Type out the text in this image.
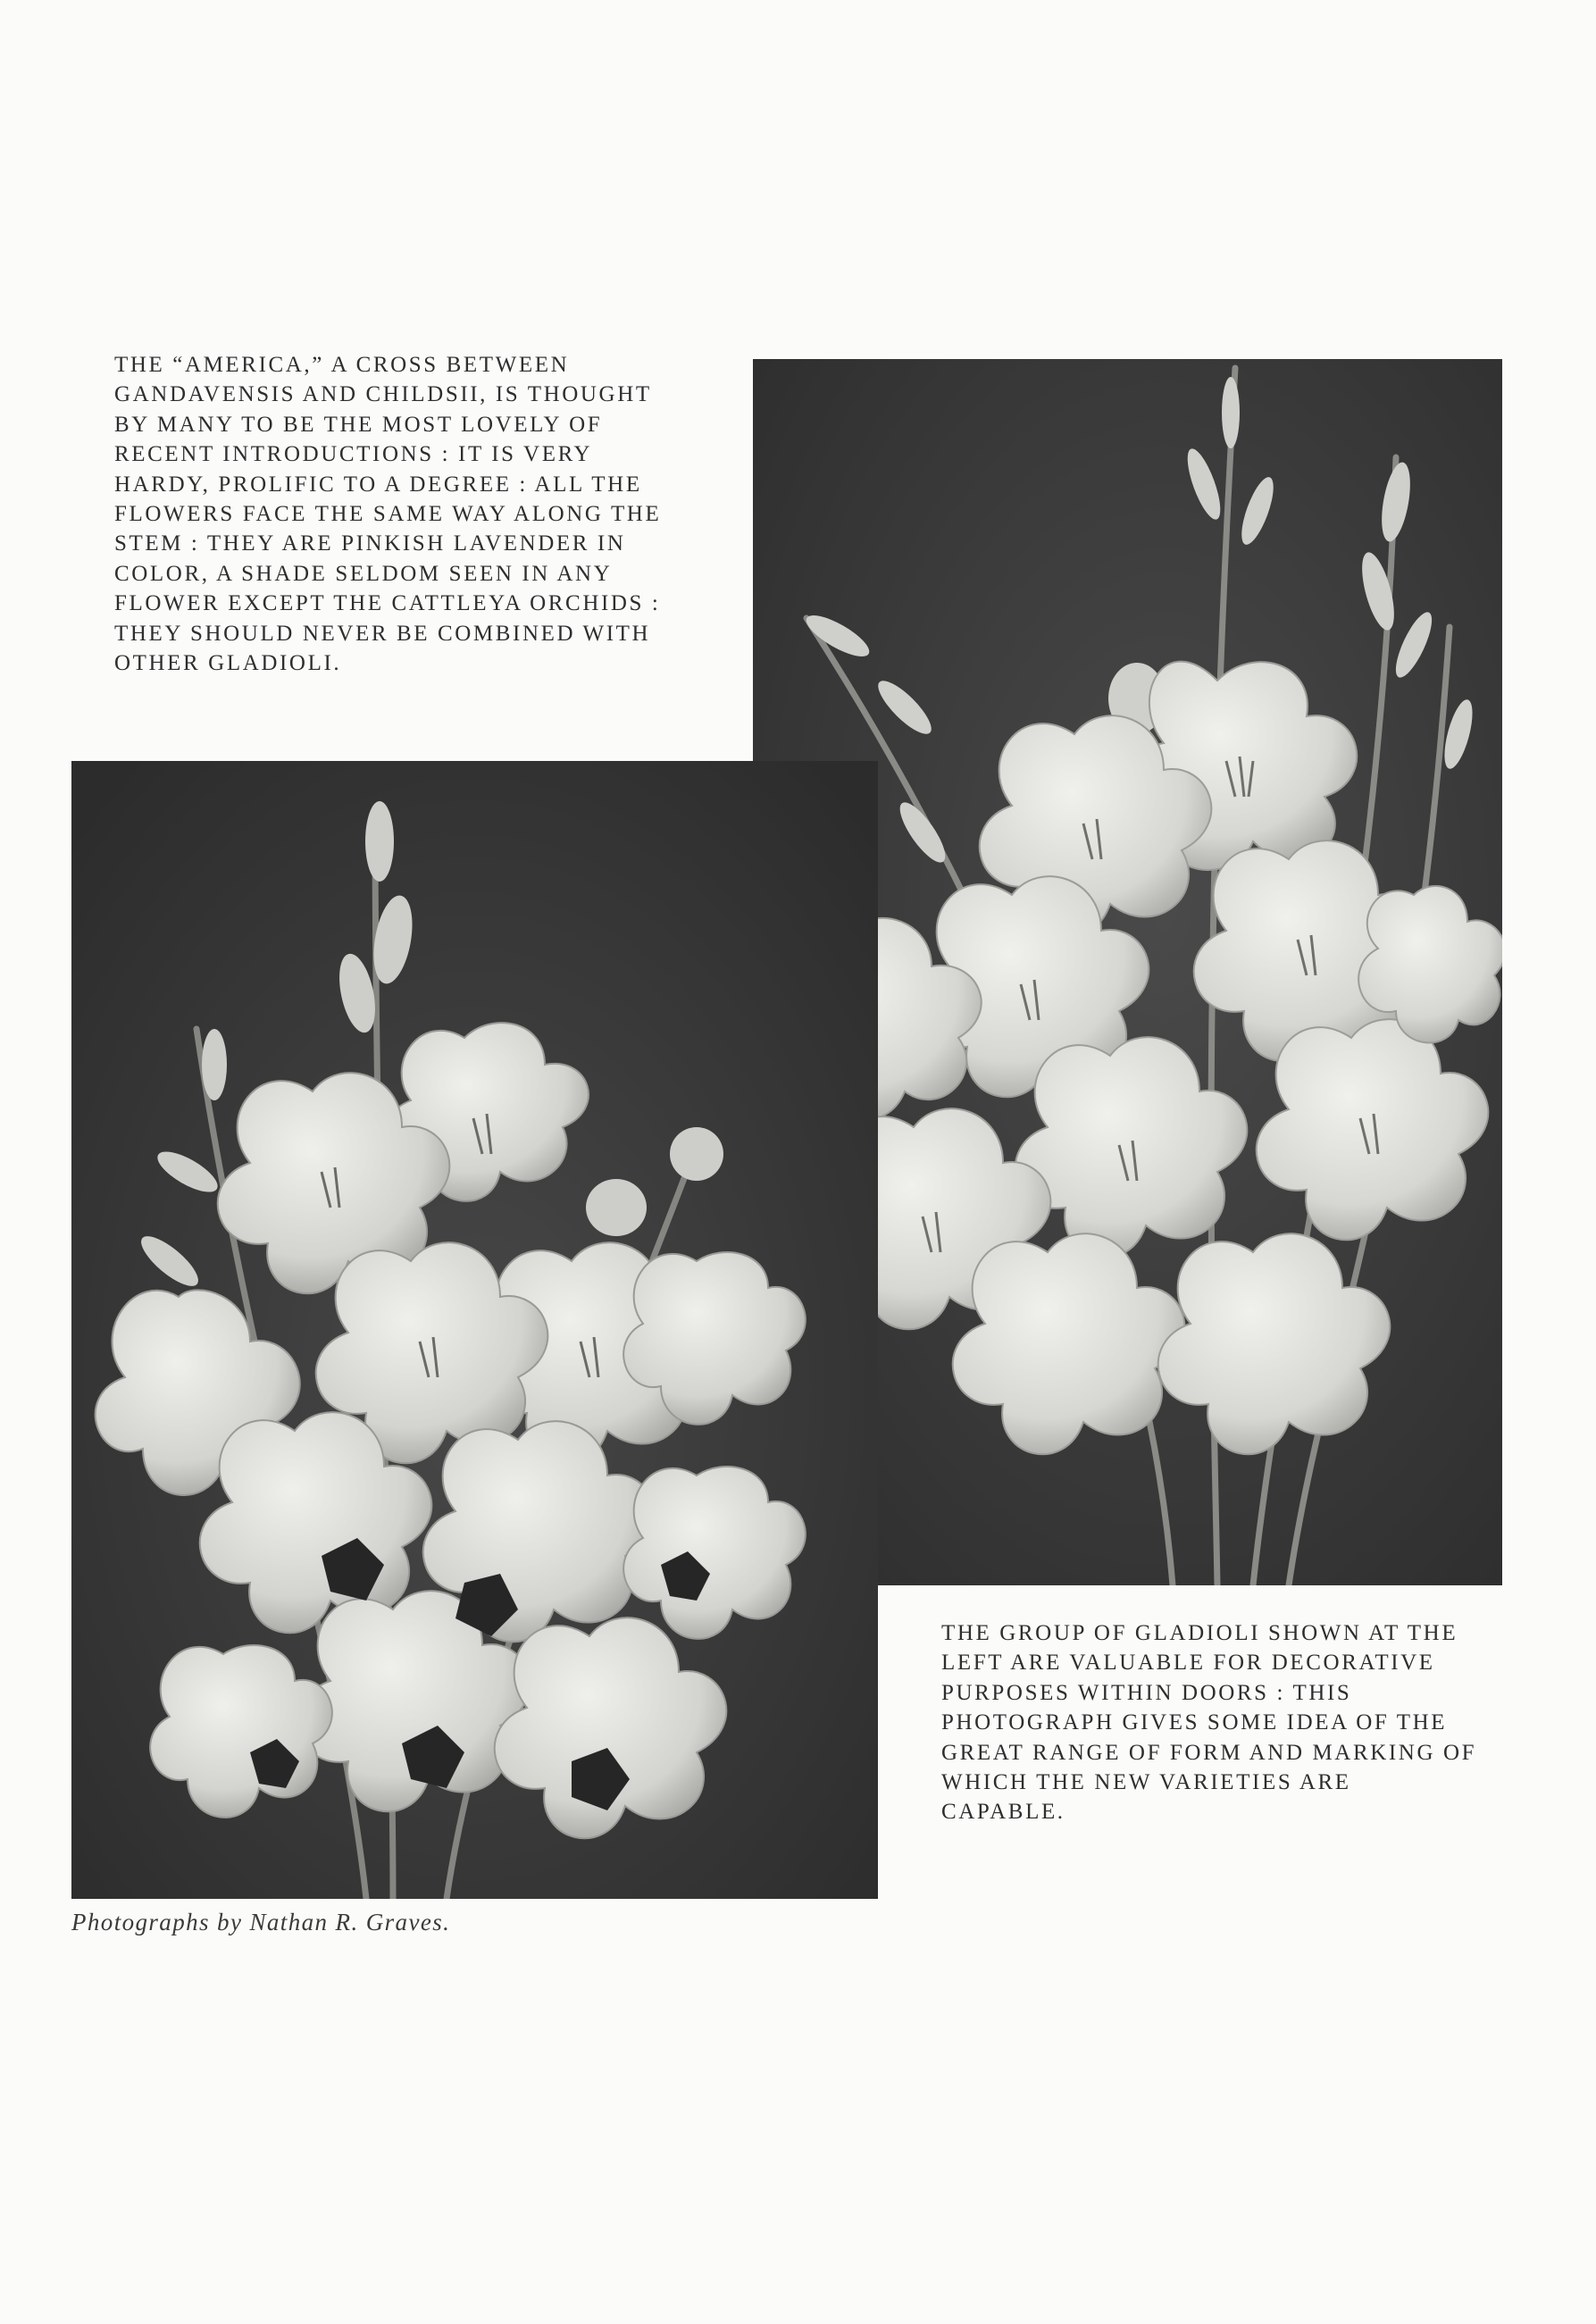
THE “AMERICA,” A CROSS BETWEEN GANDAVENSIS AND CHILDSII, IS THOUGHT BY MANY TO BE THE MOST LOVELY OF RECENT INTRODUCTIONS : IT IS VERY HARDY, PROLIFIC TO A DEGREE : ALL THE FLOWERS FACE THE SAME WAY ALONG THE STEM : THEY ARE PINKISH LAVENDER IN COLOR, A SHADE SELDOM SEEN IN ANY FLOWER EXCEPT THE CATTLEYA ORCHIDS : THEY SHOULD NEVER BE COMBINED WITH OTHER GLADIOLI.

THE GROUP OF GLADIOLI SHOWN AT THE LEFT ARE VALUABLE FOR DECORATIVE PURPOSES WITHIN DOORS : THIS PHOTOGRAPH GIVES SOME IDEA OF THE GREAT RANGE OF FORM AND MARKING OF WHICH THE NEW VARIETIES ARE CAPABLE.

Photographs by Nathan R. Graves.
